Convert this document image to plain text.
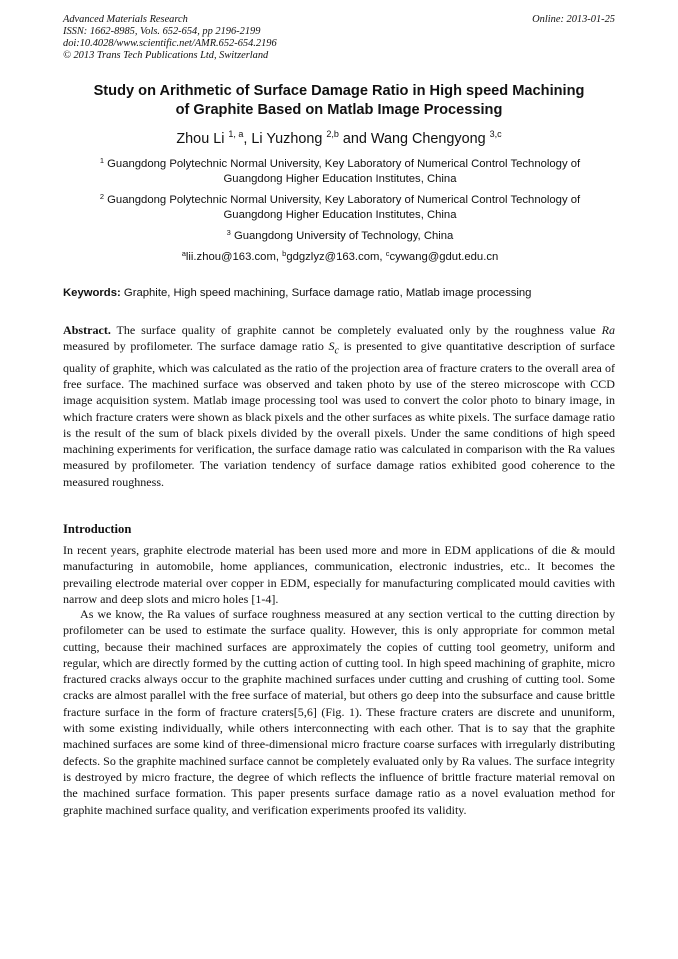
Advanced Materials Research
ISSN: 1662-8985, Vols. 652-654, pp 2196-2199
doi:10.4028/www.scientific.net/AMR.652-654.2196
© 2013 Trans Tech Publications Ltd, Switzerland
Online: 2013-01-25
Study on Arithmetic of Surface Damage Ratio in High speed Machining
of Graphite Based on Matlab Image Processing
Zhou Li $^{1, a}$, Li Yuzhong $^{2,b}$ and Wang Chengyong $^{3,c}$
$^1$ Guangdong Polytechnic Normal University, Key Laboratory of Numerical Control Technology of
Guangdong Higher Education Institutes, China
$^2$ Guangdong Polytechnic Normal University, Key Laboratory of Numerical Control Technology of
Guangdong Higher Education Institutes, China
$^3$ Guangdong University of Technology, China
$^a$lii.zhou@163.com, $^b$gdgzlyz@163.com, $^c$cywang@gdut.edu.cn
Keywords: Graphite, High speed machining, Surface damage ratio, Matlab image processing

Abstract. The surface quality of graphite cannot be completely evaluated only by the roughness value Ra measured by profilometer. The surface damage ratio $S_c$ is presented to give quantitative description of surface quality of graphite, which was calculated as the ratio of the projection area of fracture craters to the overall area of free surface. The machined surface was observed and taken photo by use of the stereo microscope with CCD image acquisition system. Matlab image processing tool was used to convert the color photo to binary image, in which fracture craters were shown as black pixels and the other surfaces as white pixels. The surface damage ratio is the result of the sum of black pixels divided by the overall pixels. Under the same conditions of high speed machining experiments for verification, the surface damage ratio was calculated in comparison with the Ra values measured by profilometer. The variation tendency of surface damage ratios exhibited good coherence to the measured roughness.

Introduction

In recent years, graphite electrode material has been used more and more in EDM applications of die & mould manufacturing in automobile, home appliances, communication, electronic industries, etc.. It becomes the prevailing electrode material over copper in EDM, especially for manufacturing complicated mould cavities with narrow and deep slots and micro holes [1-4].

As we know, the Ra values of surface roughness measured at any section vertical to the cutting direction by profilometer can be used to estimate the surface quality. However, this is only appropriate for common metal cutting, because their machined surfaces are approximately the copies of cutting tool geometry, uniform and regular, which are directly formed by the cutting action of cutting tool. In high speed machining of graphite, micro fractured cracks always occur to the graphite machined surfaces under cutting and crushing of cutting tool. Some cracks are almost parallel with the free surface of material, but others go deep into the subsurface and cause brittle fracture surface in the form of fracture craters[5,6] (Fig. 1). These fracture craters are discrete and ununiform, with some existing individually, while others interconnecting with each other. That is to say that the graphite machined surfaces are some kind of three-dimensional micro fracture coarse surfaces with irregularly distributing defects. So the graphite machined surface cannot be completely evaluated only by Ra values. The surface integrity is destroyed by micro fracture, the degree of which reflects the influence of brittle fracture material removal on the machined surface formation. This paper presents surface damage ratio as a novel evaluation method for graphite machined surface quality, and verification experiments proofed its validity.
